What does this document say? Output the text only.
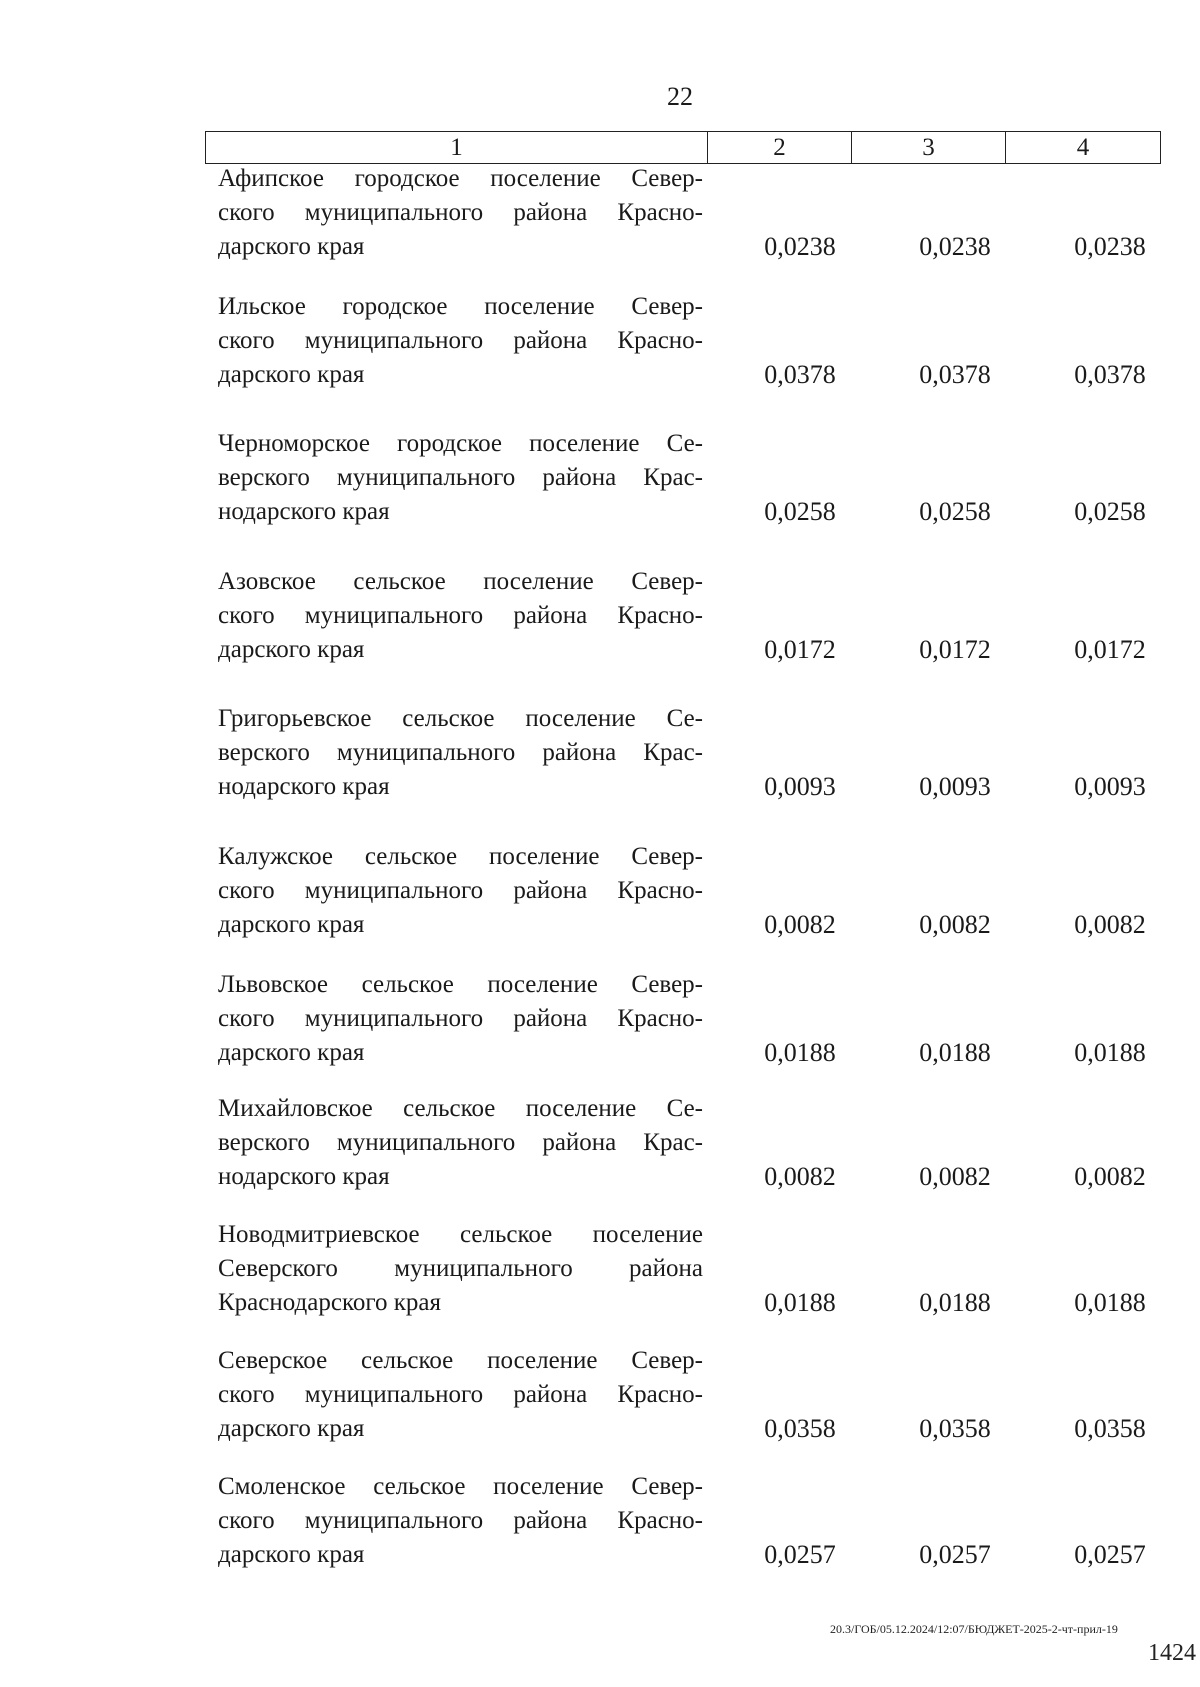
22
1	2	3	4
Афипское городское поселение Север-
ского муниципального района Красно-
дарского края	0,0238	0,0238	0,0238
Ильское городское поселение Север-
ского муниципального района Красно-
дарского края	0,0378	0,0378	0,0378
Черноморское городское поселение Се-
верского муниципального района Крас-
нодарского края	0,0258	0,0258	0,0258
Азовское сельское поселение Север-
ского муниципального района Красно-
дарского края	0,0172	0,0172	0,0172
Григорьевское сельское поселение Се-
верского муниципального района Крас-
нодарского края	0,0093	0,0093	0,0093
Калужское сельское поселение Север-
ского муниципального района Красно-
дарского края	0,0082	0,0082	0,0082
Львовское сельское поселение Север-
ского муниципального района Красно-
дарского края	0,0188	0,0188	0,0188
Михайловское сельское поселение Се-
верского муниципального района Крас-
нодарского края	0,0082	0,0082	0,0082
Новодмитриевское сельское поселение
Северского муниципального района
Краснодарского края	0,0188	0,0188	0,0188
Северское сельское поселение Север-
ского муниципального района Красно-
дарского края	0,0358	0,0358	0,0358
Смоленское сельское поселение Север-
ского муниципального района Красно-
дарского края	0,0257	0,0257	0,0257
20.3/ГОБ/05.12.2024/12:07/БЮДЖЕТ-2025-2-чт-прил-19
1424
